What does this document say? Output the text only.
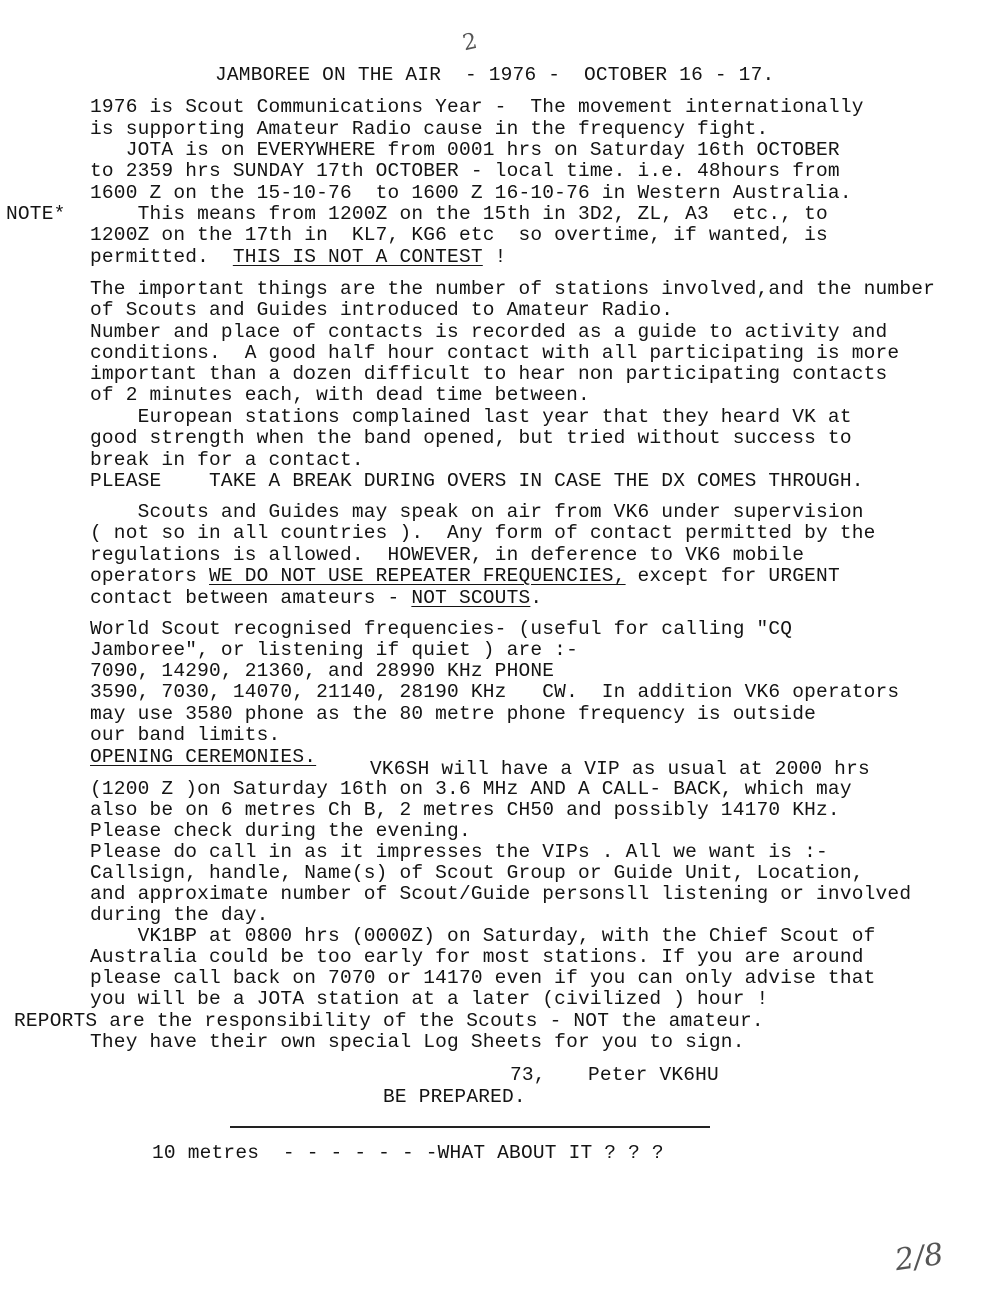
2
JAMBOREE ON THE AIR  - 1976 -  OCTOBER 16 - 17.
1976 is Scout Communications Year -  The movement internationally
is supporting Amateur Radio cause in the frequency fight.
JOTA is on EVERYWHERE from 0001 hrs on Saturday 16th OCTOBER
to 2359 hrs SUNDAY 17th OCTOBER - local time. i.e. 48hours from
1600 Z on the 15-10-76  to 1600 Z 16-10-76 in Western Australia.
NOTE* This means from 1200Z on the 15th in 3D2, ZL, A3  etc., to
1200Z on the 17th in  KL7, KG6 etc  so overtime, if wanted, is
permitted.  THIS IS NOT A CONTEST !
The important things are the number of stations involved,and the number
of Scouts and Guides introduced to Amateur Radio.
Number and place of contacts is recorded as a guide to activity and
conditions.  A good half hour contact with all participating is more
important than a dozen difficult to hear non participating contacts
of 2 minutes each, with dead time between.
European stations complained last year that they heard VK at
good strength when the band opened, but tried without success to
break in for a contact.
PLEASE    TAKE A BREAK DURING OVERS IN CASE THE DX COMES THROUGH.
Scouts and Guides may speak on air from VK6 under supervision
( not so in all countries ).  Any form of contact permitted by the
regulations is allowed.  HOWEVER, in deference to VK6 mobile
operators WE DO NOT USE REPEATER FREQUENCIES, except for URGENT
contact between amateurs - NOT SCOUTS.
World Scout recognised frequencies- (useful for calling "CQ
Jamboree", or listening if quiet ) are :-
7090, 14290, 21360, and 28990 KHz PHONE
3590, 7030, 14070, 21140, 28190 KHz   CW.  In addition VK6 operators
may use 3580 phone as the 80 metre phone frequency is outside
our band limits.
OPENING CEREMONIES.
VK6SH will have a VIP as usual at 2000 hrs
(1200 Z )on Saturday 16th on 3.6 MHz AND A CALL- BACK, which may
also be on 6 metres Ch B, 2 metres CH50 and possibly 14170 KHz.
Please check during the evening.
Please do call in as it impresses the VIPs . All we want is :-
Callsign, handle, Name(s) of Scout Group or Guide Unit, Location,
and approximate number of Scout/Guide personsll listening or involved
during the day.
VK1BP at 0800 hrs (0000Z) on Saturday, with the Chief Scout of
Australia could be too early for most stations. If you are around
please call back on 7070 or 14170 even if you can only advise that
you will be a JOTA station at a later (civilized ) hour !
REPORTS are the responsibility of the Scouts - NOT the amateur.
They have their own special Log Sheets for you to sign.
73, Peter VK6HU
BE PREPARED.
10 metres  - - - - - - -WHAT ABOUT IT ? ? ?
2/8
